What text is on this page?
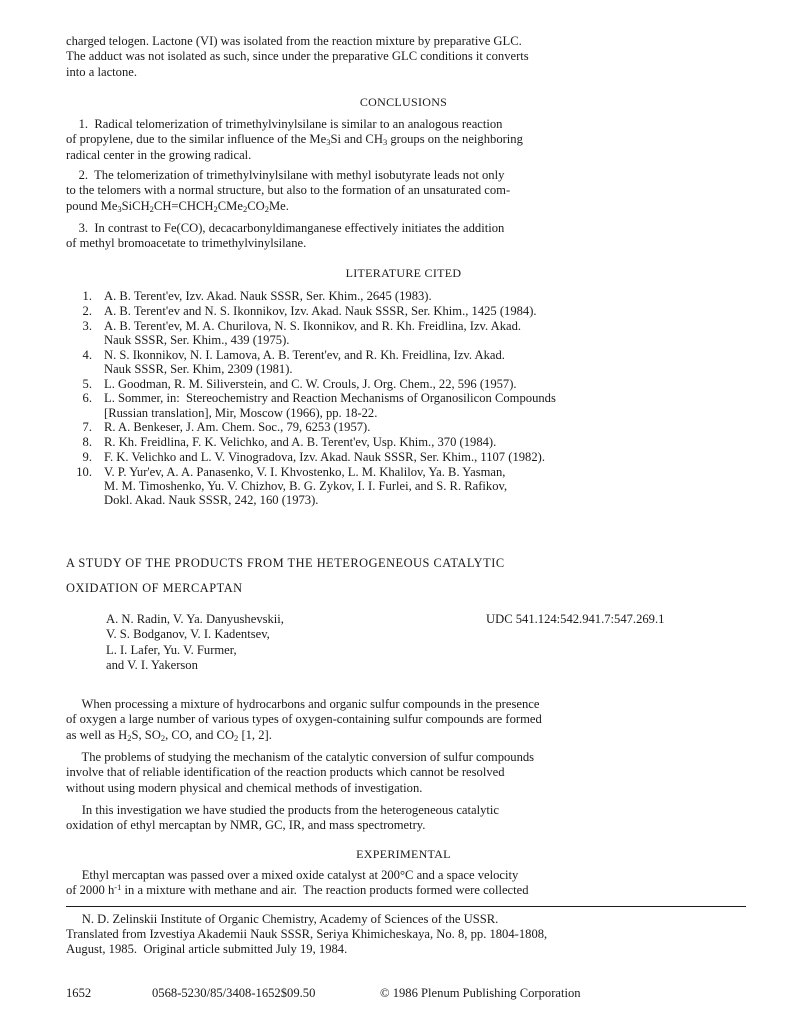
charged telogen. Lactone (VI) was isolated from the reaction mixture by preparative GLC.
The adduct was not isolated as such, since under the preparative GLC conditions it converts
into a lactone.
CONCLUSIONS
1.  Radical telomerization of trimethylvinylsilane is similar to an analogous reaction
of propylene, due to the similar influence of the $Me_3Si$ and $CH_3$ groups on the neighboring
radical center in the growing radical.
2.  The telomerization of trimethylvinylsilane with methyl isobutyrate leads not only
to the telomers with a normal structure, but also to the formation of an unsaturated com-
pound $Me_3SiCH_2CH=CHCH_2CMe_2CO_2Me$.
3.  In contrast to Fe(CO), decacarbonyldimanganese effectively initiates the addition
of methyl bromoacetate to trimethylvinylsilane.
LITERATURE CITED
1. A. B. Terent'ev, Izv. Akad. Nauk SSSR, Ser. Khim., 2645 (1983).
2. A. B. Terent'ev and N. S. Ikonnikov, Izv. Akad. Nauk SSSR, Ser. Khim., 1425 (1984).
3. A. B. Terent'ev, M. A. Churilova, N. S. Ikonnikov, and R. Kh. Freidlina, Izv. Akad.
Nauk SSSR, Ser. Khim., 439 (1975).
4. N. S. Ikonnikov, N. I. Lamova, A. B. Terent'ev, and R. Kh. Freidlina, Izv. Akad.
Nauk SSSR, Ser. Khim, 2309 (1981).
5. L. Goodman, R. M. Siliverstein, and C. W. Crouls, J. Org. Chem., 22, 596 (1957).
6. L. Sommer, in:  Stereochemistry and Reaction Mechanisms of Organosilicon Compounds
[Russian translation], Mir, Moscow (1966), pp. 18-22.
7. R. A. Benkeser, J. Am. Chem. Soc., 79, 6253 (1957).
8. R. Kh. Freidlina, F. K. Velichko, and A. B. Terent'ev, Usp. Khim., 370 (1984).
9. F. K. Velichko and L. V. Vinogradova, Izv. Akad. Nauk SSSR, Ser. Khim., 1107 (1982).
10. V. P. Yur'ev, A. A. Panasenko, V. I. Khvostenko, L. M. Khalilov, Ya. B. Yasman,
M. M. Timoshenko, Yu. V. Chizhov, B. G. Zykov, I. I. Furlei, and S. R. Rafikov,
Dokl. Akad. Nauk SSSR, 242, 160 (1973).
A STUDY OF THE PRODUCTS FROM THE HETEROGENEOUS CATALYTIC
OXIDATION OF MERCAPTAN
A. N. Radin, V. Ya. Danyushevskii,
V. S. Bodganov, V. I. Kadentsev,
L. I. Lafer, Yu. V. Furmer,
and V. I. Yakerson
UDC 541.124:542.941.7:547.269.1
When processing a mixture of hydrocarbons and organic sulfur compounds in the presence
of oxygen a large number of various types of oxygen-containing sulfur compounds are formed
as well as $H_2S$, $SO_2$, CO, and $CO_2$ [1, 2].
The problems of studying the mechanism of the catalytic conversion of sulfur compounds
involve that of reliable identification of the reaction products which cannot be resolved
without using modern physical and chemical methods of investigation.
In this investigation we have studied the products from the heterogeneous catalytic
oxidation of ethyl mercaptan by NMR, GC, IR, and mass spectrometry.
EXPERIMENTAL
Ethyl mercaptan was passed over a mixed oxide catalyst at 200°C and a space velocity
of 2000 $h^{-1}$ in a mixture with methane and air.  The reaction products formed were collected
N. D. Zelinskii Institute of Organic Chemistry, Academy of Sciences of the USSR.
Translated from Izvestiya Akademii Nauk SSSR, Seriya Khimicheskaya, No. 8, pp. 1804-1808,
August, 1985.  Original article submitted July 19, 1984.
1652	0568-5230/85/3408-1652$09.50	© 1986 Plenum Publishing Corporation
